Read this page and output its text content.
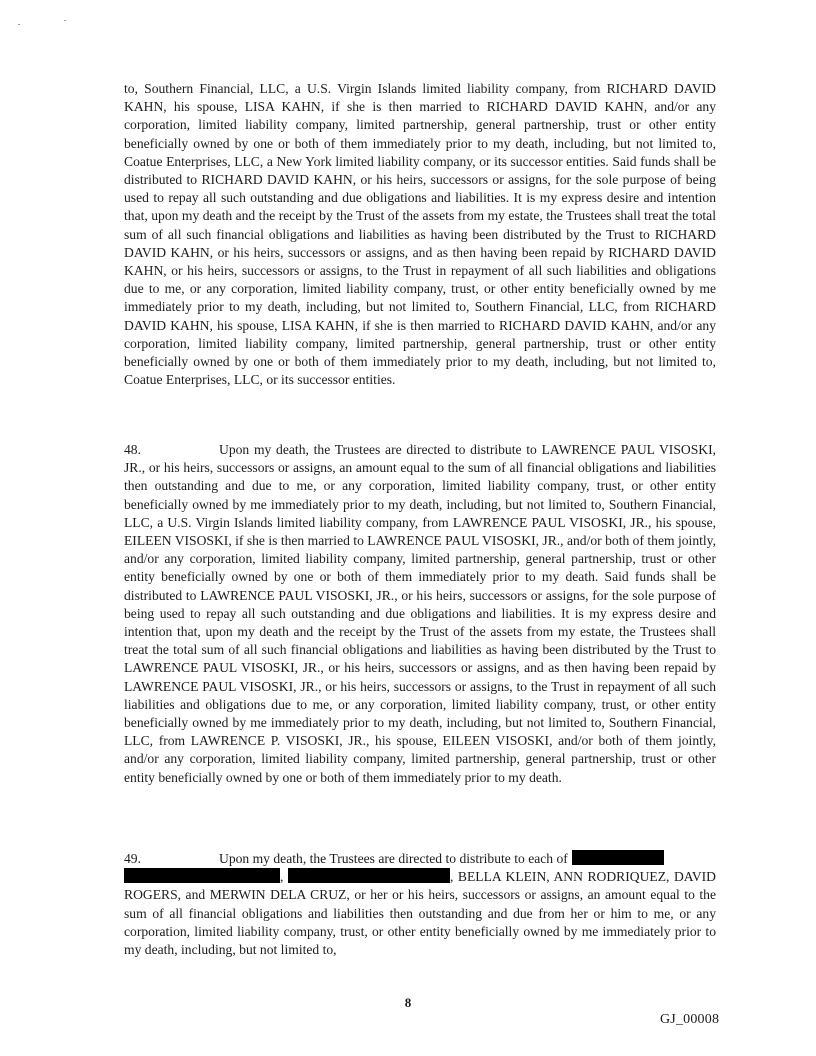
to, Southern Financial, LLC, a U.S. Virgin Islands limited liability company, from RICHARD DAVID KAHN, his spouse, LISA KAHN, if she is then married to RICHARD DAVID KAHN, and/or any corporation, limited liability company, limited partnership, general partnership, trust or other entity beneficially owned by one or both of them immediately prior to my death, including, but not limited to, Coatue Enterprises, LLC, a New York limited liability company, or its successor entities. Said funds shall be distributed to RICHARD DAVID KAHN, or his heirs, successors or assigns, for the sole purpose of being used to repay all such outstanding and due obligations and liabilities. It is my express desire and intention that, upon my death and the receipt by the Trust of the assets from my estate, the Trustees shall treat the total sum of all such financial obligations and liabilities as having been distributed by the Trust to RICHARD DAVID KAHN, or his heirs, successors or assigns, and as then having been repaid by RICHARD DAVID KAHN, or his heirs, successors or assigns, to the Trust in repayment of all such liabilities and obligations due to me, or any corporation, limited liability company, trust, or other entity beneficially owned by me immediately prior to my death, including, but not limited to, Southern Financial, LLC, from RICHARD DAVID KAHN, his spouse, LISA KAHN, if she is then married to RICHARD DAVID KAHN, and/or any corporation, limited liability company, limited partnership, general partnership, trust or other entity beneficially owned by one or both of them immediately prior to my death, including, but not limited to, Coatue Enterprises, LLC, or its successor entities.

48.	Upon my death, the Trustees are directed to distribute to LAWRENCE PAUL VISOSKI, JR., or his heirs, successors or assigns, an amount equal to the sum of all financial obligations and liabilities then outstanding and due to me, or any corporation, limited liability company, trust, or other entity beneficially owned by me immediately prior to my death, including, but not limited to, Southern Financial, LLC, a U.S. Virgin Islands limited liability company, from LAWRENCE PAUL VISOSKI, JR., his spouse, EILEEN VISOSKI, if she is then married to LAWRENCE PAUL VISOSKI, JR., and/or both of them jointly, and/or any corporation, limited liability company, limited partnership, general partnership, trust or other entity beneficially owned by one or both of them immediately prior to my death. Said funds shall be distributed to LAWRENCE PAUL VISOSKI, JR., or his heirs, successors or assigns, for the sole purpose of being used to repay all such outstanding and due obligations and liabilities. It is my express desire and intention that, upon my death and the receipt by the Trust of the assets from my estate, the Trustees shall treat the total sum of all such financial obligations and liabilities as having been distributed by the Trust to LAWRENCE PAUL VISOSKI, JR., or his heirs, successors or assigns, and as then having been repaid by LAWRENCE PAUL VISOSKI, JR., or his heirs, successors or assigns, to the Trust in repayment of all such liabilities and obligations due to me, or any corporation, limited liability company, trust, or other entity beneficially owned by me immediately prior to my death, including, but not limited to, Southern Financial, LLC, from LAWRENCE P. VISOSKI, JR., his spouse, EILEEN VISOSKI, and/or both of them jointly, and/or any corporation, limited liability company, limited partnership, general partnership, trust or other entity beneficially owned by one or both of them immediately prior to my death.

49.	Upon my death, the Trustees are directed to distribute to each of
,	, BELLA KLEIN, ANN RODRIQUEZ, DAVID ROGERS, and MERWIN DELA CRUZ, or her or his heirs, successors or assigns, an amount equal to the sum of all financial obligations and liabilities then outstanding and due from her or him to me, or any corporation, limited liability company, trust, or other entity beneficially owned by me immediately prior to my death, including, but not limited to,

8
GJ_00008
